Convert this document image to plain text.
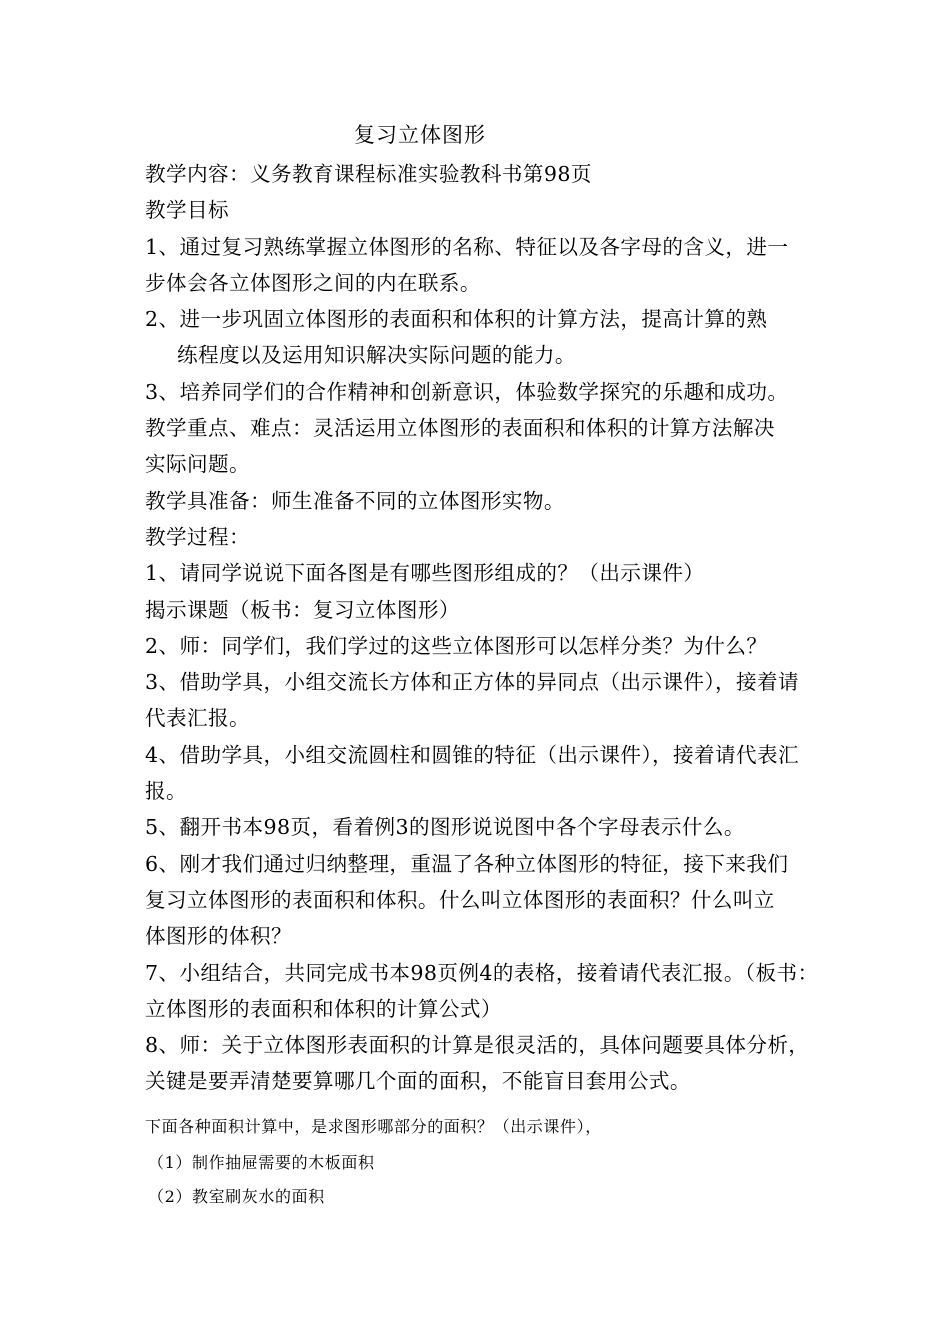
复习立体图形
教学内容：义务教育课程标准实验教科书第98页
教学目标
1、通过复习熟练掌握立体图形的名称、特征以及各字母的含义，进一
步体会各立体图形之间的内在联系。
2、进一步巩固立体图形的表面积和体积的计算方法，提高计算的熟
练程度以及运用知识解决实际问题的能力。
3、培养同学们的合作精神和创新意识，体验数学探究的乐趣和成功。
教学重点、难点：灵活运用立体图形的表面积和体积的计算方法解决
实际问题。
教学具准备：师生准备不同的立体图形实物。
教学过程：
1、请同学说说下面各图是有哪些图形组成的？（出示课件）
揭示课题（板书：复习立体图形）
2、师：同学们，我们学过的这些立体图形可以怎样分类？为什么？
3、借助学具，小组交流长方体和正方体的异同点（出示课件），接着请
代表汇报。
4、借助学具，小组交流圆柱和圆锥的特征（出示课件），接着请代表汇
报。
5、翻开书本98页，看着例3的图形说说图中各个字母表示什么。
6、刚才我们通过归纳整理，重温了各种立体图形的特征，接下来我们
复习立体图形的表面积和体积。什么叫立体图形的表面积？什么叫立
体图形的体积？
7、小组结合，共同完成书本98页例4的表格，接着请代表汇报。（板书：
立体图形的表面积和体积的计算公式）
8、师：关于立体图形表面积的计算是很灵活的，具体问题要具体分析，
关键是要弄清楚要算哪几个面的面积，不能盲目套用公式。
下面各种面积计算中，是求图形哪部分的面积？（出示课件），
（1）制作抽屉需要的木板面积
（2）教室刷灰水的面积
